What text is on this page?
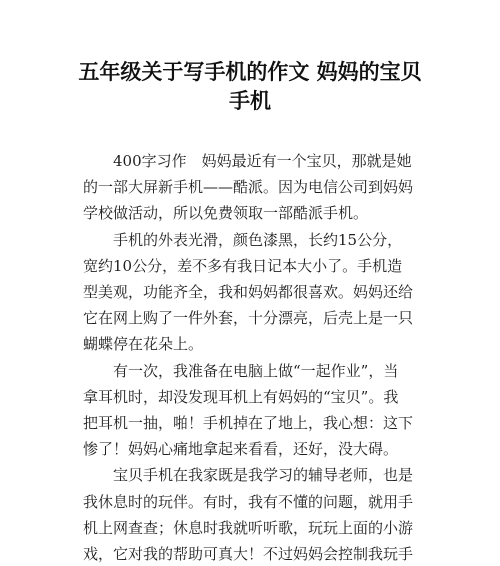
五年级关于写手机的作文 妈妈的宝贝
手机

400字习作　妈妈最近有一个宝贝，那就是她
的一部大屏新手机——酷派。因为电信公司到妈妈
学校做活动，所以免费领取一部酷派手机。

手机的外表光滑，颜色漆黑，长约15公分，
宽约10公分，差不多有我日记本大小了。手机造
型美观，功能齐全，我和妈妈都很喜欢。妈妈还给
它在网上购了一件外套，十分漂亮，后壳上是一只
蝴蝶停在花朵上。

有一次，我准备在电脑上做“一起作业”，当
拿耳机时，却没发现耳机上有妈妈的“宝贝”。我
把耳机一抽，啪！手机掉在了地上，我心想：这下
惨了！妈妈心痛地拿起来看看，还好，没大碍。

宝贝手机在我家既是我学习的辅导老师，也是
我休息时的玩伴。有时，我有不懂的问题，就用手
机上网查查；休息时我就听听歌，玩玩上面的小游
戏，它对我的帮助可真大！不过妈妈会控制我玩手
